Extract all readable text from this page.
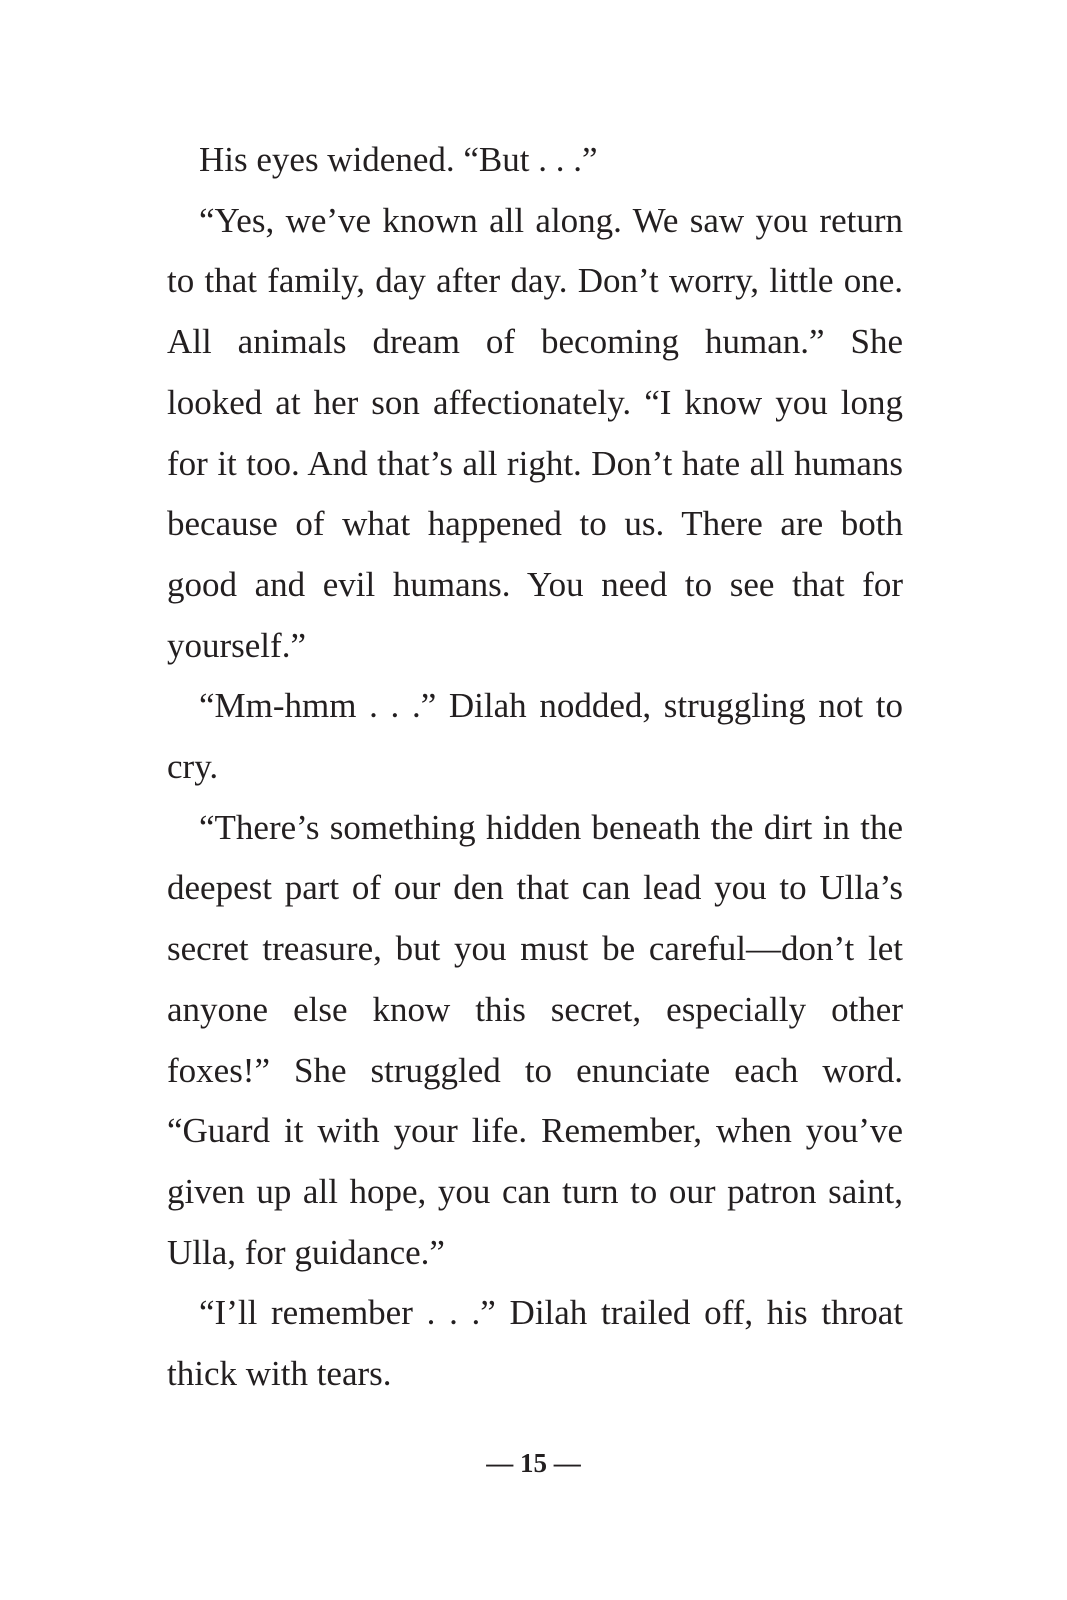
His eyes widened. “But . . .”

“Yes, we’ve known all along. We saw you return to that family, day after day. Don’t worry, little one. All animals dream of becoming human.” She looked at her son affectionately. “I know you long for it too. And that’s all right. Don’t hate all humans because of what happened to us. There are both good and evil humans. You need to see that for yourself.”

“Mm-hmm . . .” Dilah nodded, struggling not to cry.

“There’s something hidden beneath the dirt in the deepest part of our den that can lead you to Ulla’s secret treasure, but you must be careful—don’t let anyone else know this secret, especially other foxes!” She struggled to enunciate each word. “Guard it with your life. Remember, when you’ve given up all hope, you can turn to our patron saint, Ulla, for guidance.”

“I’ll remember . . .” Dilah trailed off, his throat thick with tears.

— 15 —
